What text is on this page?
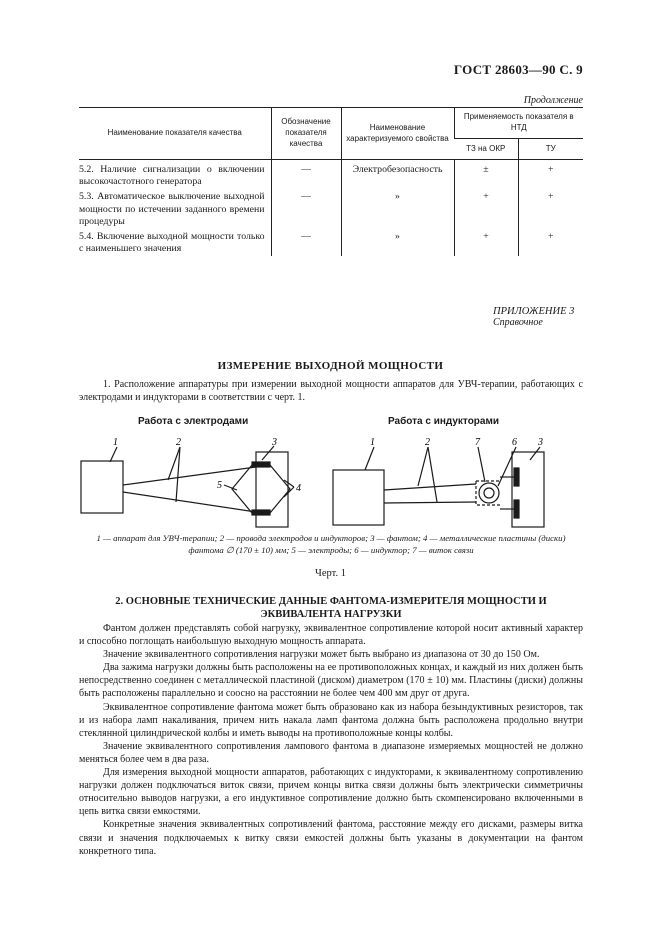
ГОСТ 28603—90 С. 9
Продолжение
Наименование показателя качества	Обозначение показателя качества	Наименование характеризуемого свойства	Применяемость показателя в НТД	
			ТЗ на ОКР	ТУ
5.2. Наличие сигнализации о включении высокочастотного генератора	—	Электробезопасность	±	+
5.3. Автоматическое выключение выходной мощности по истечении заданного времени процедуры	—	»	+	+
5.4. Включение выходной мощности только с наименьшего значения	—	»	+	+
ПРИЛОЖЕНИЕ 3
Справочное
ИЗМЕРЕНИЕ ВЫХОДНОЙ МОЩНОСТИ
1. Расположение аппаратуры при измерении выходной мощности аппаратов для УВЧ-терапии, работающих с электродами и индукторами в соответствии с черт. 1.
Работа с электродами	Работа с индукторами
1	2	3
5	4
1	2	7	6 3
1 — аппарат для УВЧ-терапии; 2 — провода электродов и индукторов; 3 — фантом; 4 — металлические пластины (диски) фантома ∅ (170 ± 10) мм; 5 — электроды; 6 — индуктор; 7 — виток связи
Черт. 1
2. ОСНОВНЫЕ ТЕХНИЧЕСКИЕ ДАННЫЕ ФАНТОМА-ИЗМЕРИТЕЛЯ МОЩНОСТИ И ЭКВИВАЛЕНТА НАГРУЗКИ

Фантом должен представлять собой нагрузку, эквивалентное сопротивление которой носит активный характер и способно поглощать наибольшую выходную мощность аппарата.

Значение эквивалентного сопротивления нагрузки может быть выбрано из диапазона от 30 до 150 Ом.

Два зажима нагрузки должны быть расположены на ее противоположных концах, и каждый из них должен быть непосредственно соединен с металлической пластиной (диском) диаметром (170 ± 10) мм. Пластины (диски) должны быть расположены параллельно и соосно на расстоянии не более чем 400 мм друг от друга.

Эквивалентное сопротивление фантома может быть образовано как из набора безындуктивных резисторов, так и из набора ламп накаливания, причем нить накала ламп фантома должна быть расположена продольно внутри стеклянной цилиндрической колбы и иметь выводы на противоположные концы колбы.

Значение эквивалентного сопротивления лампового фантома в диапазоне измеряемых мощностей не должно меняться более чем в два раза.

Для измерения выходной мощности аппаратов, работающих с индукторами, к эквивалентному сопротивлению нагрузки должен подключаться виток связи, причем концы витка связи должны быть электрически симметричны относительно выводов нагрузки, а его индуктивное сопротивление должно быть скомпенсировано включенными в цепь витка связи емкостями.

Конкретные значения эквивалентных сопротивлений фантома, расстояние между его дисками, размеры витка связи и значения подключаемых к витку связи емкостей должны быть указаны в документации на фантом конкретного типа.
